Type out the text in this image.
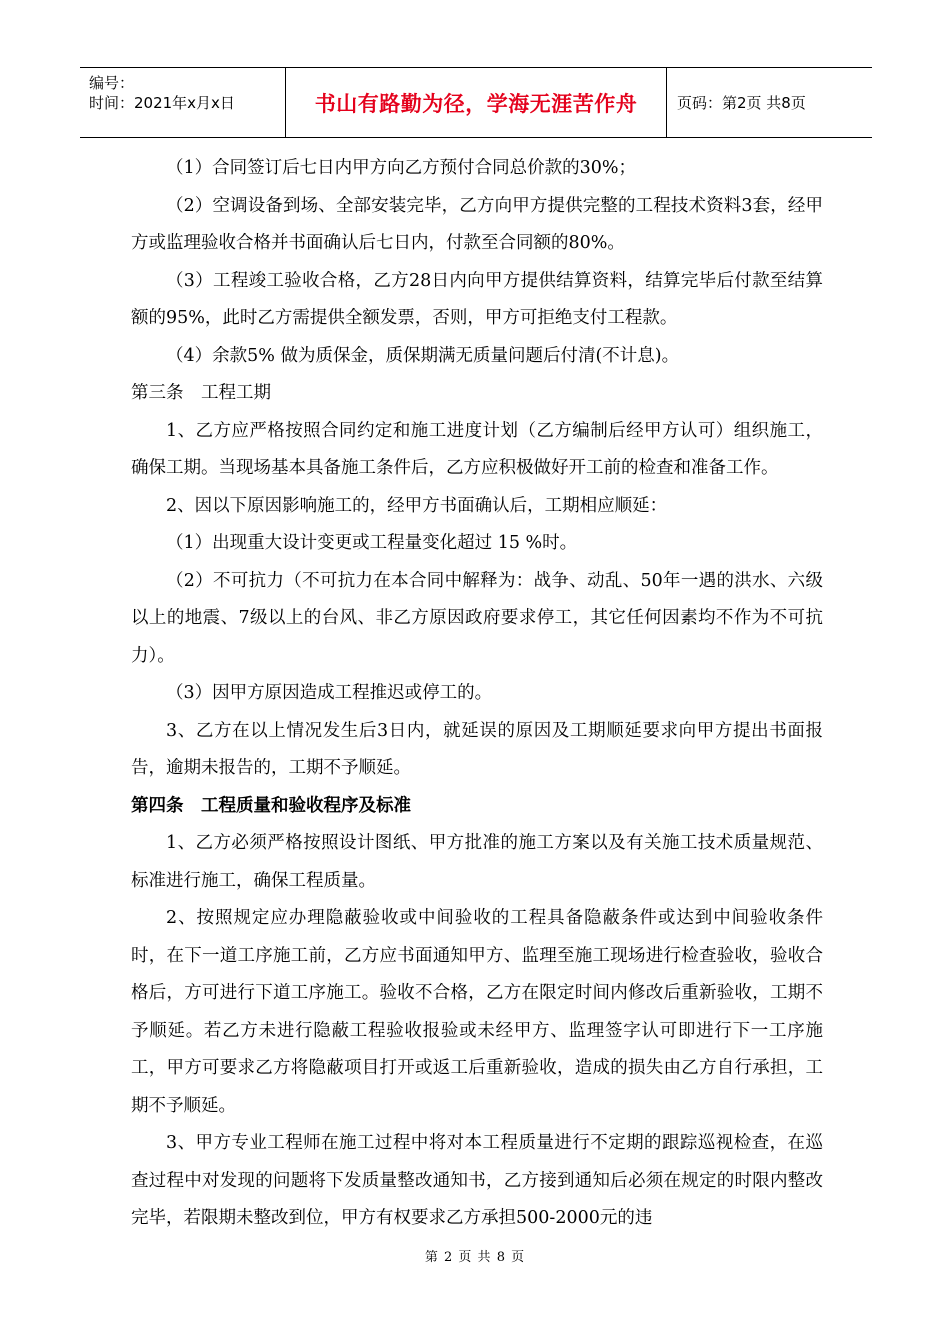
编号：
时间：2021年x月x日	书山有路勤为径，学海无涯苦作舟	页码：第2页 共8页

（1）合同签订后七日内甲方向乙方预付合同总价款的30%；

（2）空调设备到场、全部安装完毕，乙方向甲方提供完整的工程技术资料3套，经甲方或监理验收合格并书面确认后七日内，付款至合同额的80%。

（3）工程竣工验收合格，乙方28日内向甲方提供结算资料，结算完毕后付款至结算额的95%，此时乙方需提供全额发票，否则，甲方可拒绝支付工程款。

（4）余款5% 做为质保金，质保期满无质量问题后付清(不计息)。

第三条　工程工期

1、乙方应严格按照合同约定和施工进度计划（乙方编制后经甲方认可）组织施工，确保工期。当现场基本具备施工条件后，乙方应积极做好开工前的检查和准备工作。

2、因以下原因影响施工的，经甲方书面确认后，工期相应顺延：

（1）出现重大设计变更或工程量变化超过 15 %时。

（2）不可抗力（不可抗力在本合同中解释为：战争、动乱、50年一遇的洪水、六级以上的地震、7级以上的台风、非乙方原因政府要求停工，其它任何因素均不作为不可抗力）。

（3）因甲方原因造成工程推迟或停工的。

3、乙方在以上情况发生后3日内，就延误的原因及工期顺延要求向甲方提出书面报告，逾期未报告的，工期不予顺延。

第四条　工程质量和验收程序及标准

1、乙方必须严格按照设计图纸、甲方批准的施工方案以及有关施工技术质量规范、标准进行施工，确保工程质量。

2、按照规定应办理隐蔽验收或中间验收的工程具备隐蔽条件或达到中间验收条件时，在下一道工序施工前，乙方应书面通知甲方、监理至施工现场进行检查验收，验收合格后，方可进行下道工序施工。验收不合格，乙方在限定时间内修改后重新验收，工期不予顺延。若乙方未进行隐蔽工程验收报验或未经甲方、监理签字认可即进行下一工序施工，甲方可要求乙方将隐蔽项目打开或返工后重新验收，造成的损失由乙方自行承担，工期不予顺延。

3、甲方专业工程师在施工过程中将对本工程质量进行不定期的跟踪巡视检查，在巡查过程中对发现的问题将下发质量整改通知书，乙方接到通知后必须在规定的时限内整改完毕，若限期未整改到位，甲方有权要求乙方承担500-2000元的违

第 2 页 共 8 页
